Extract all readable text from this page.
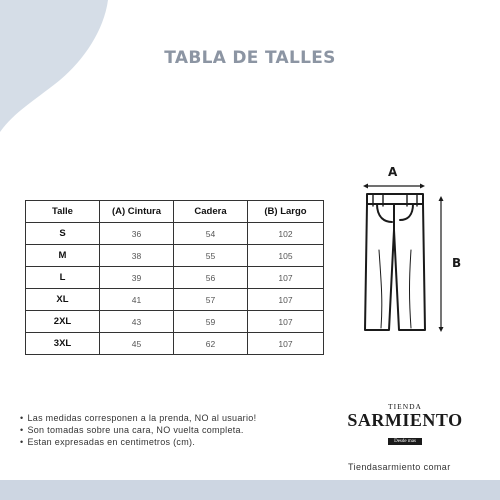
TABLA DE TALLES
Talle	(A) Cintura	Cadera	(B) Largo
S	36	54	102
M	38	55	105
L	39	56	107
XL	41	57	107
2XL	43	59	107
3XL	45	62	107
A
B
• Las medidas corresponen a la prenda, NO al usuario!
• Son tomadas sobre una cara, NO vuelta completa.
• Estan expresadas en centimetros (cm).
TIENDA
SARMIENTO
Desde mas
Tiendasarmiento comar
